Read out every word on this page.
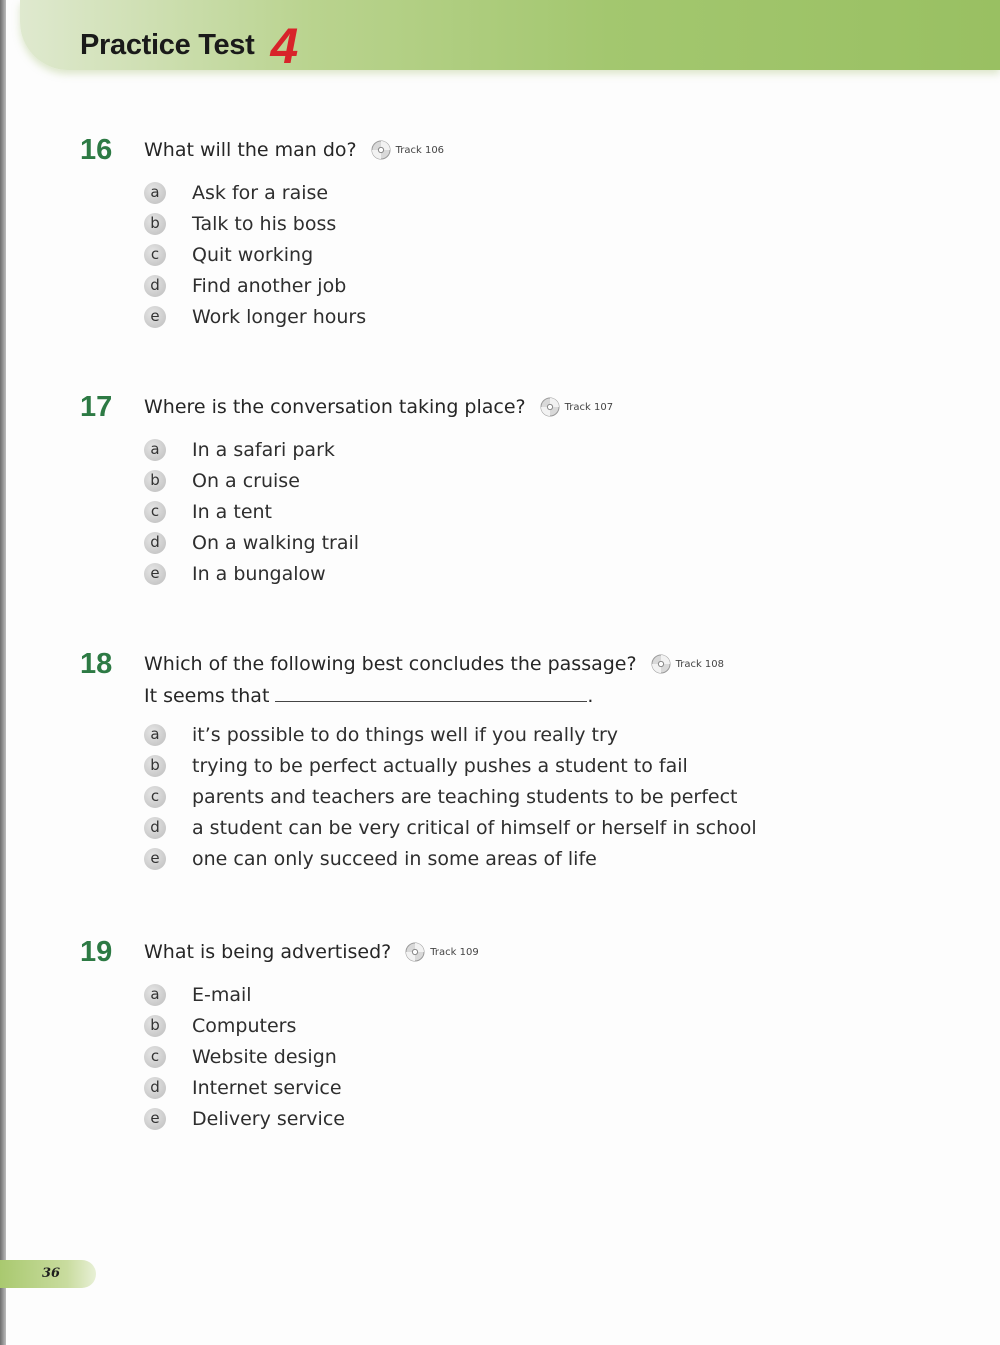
Practice Test 4
16	What will the man do?	Track 106
a	Ask for a raise
b	Talk to his boss
c	Quit working
d	Find another job
e	Work longer hours
17	Where is the conversation taking place?	Track 107
a	In a safari park
b	On a cruise
c	In a tent
d	On a walking trail
e	In a bungalow
18	Which of the following best concludes the passage?	Track 108
It seems that	.
a	it’s possible to do things well if you really try
b	trying to be perfect actually pushes a student to fail
c	parents and teachers are teaching students to be perfect
d	a student can be very critical of himself or herself in school
e	one can only succeed in some areas of life
19	What is being advertised?	Track 109
a	E-mail
b	Computers
c	Website design
d	Internet service
e	Delivery service
36
